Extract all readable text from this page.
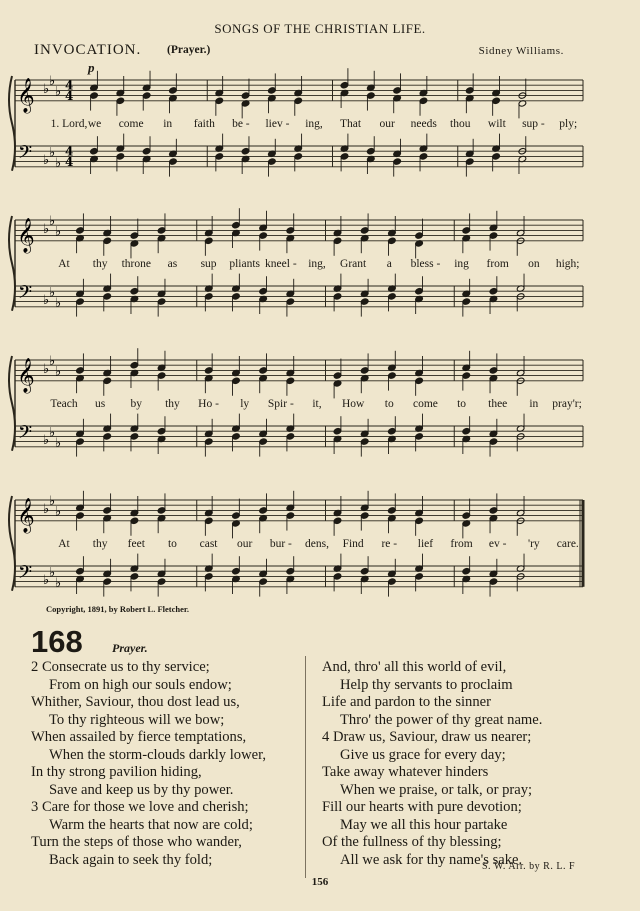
SONGS OF THE CHRISTIAN LIFE.
INVOCATION. (Prayer.)	Sidney Williams.
𝄞
𝄢
♭
♭
♭
♭
♭
♭
4
4
4
4
𝄞
𝄢
♭
♭
♭
♭
♭
♭
𝄞
𝄢
♭
♭
♭
♭
♭
♭
𝄞
𝄢
♭
♭
♭
♭
♭
♭
1. Lord, we come in faith be - liev - ing, That our needs thou wilt sup - ply;
At thy throne as sup pliants kneel - ing, Grant a bless - ing from on high;
Teach us by thy Ho - ly Spir - it, How to come to thee in pray'r;
At thy feet to cast our bur - dens, Find re - lief from ev - 'ry care.
p
Copyright, 1891, by Robert L. Fletcher.
168 Prayer.
2 Consecrate us to thy service;
From on high our souls endow;
Whither, Saviour, thou dost lead us,
To thy righteous will we bow;
When assailed by fierce temptations,
When the storm-clouds darkly lower,
In thy strong pavilion hiding,
Save and keep us by thy power.
3 Care for those we love and cherish;
Warm the hearts that now are cold;
Turn the steps of those who wander,
Back again to seek thy fold;
And, thro' all this world of evil,
Help thy servants to proclaim
Life and pardon to the sinner
Thro' the power of thy great name.
4 Draw us, Saviour, draw us nearer;
Give us grace for every day;
Take away whatever hinders
When we praise, or talk, or pray;
Fill our hearts with pure devotion;
May we all this hour partake
Of the fullness of thy blessing;
All we ask for thy name's sake.
S. W. Arr. by R. L. F
156
